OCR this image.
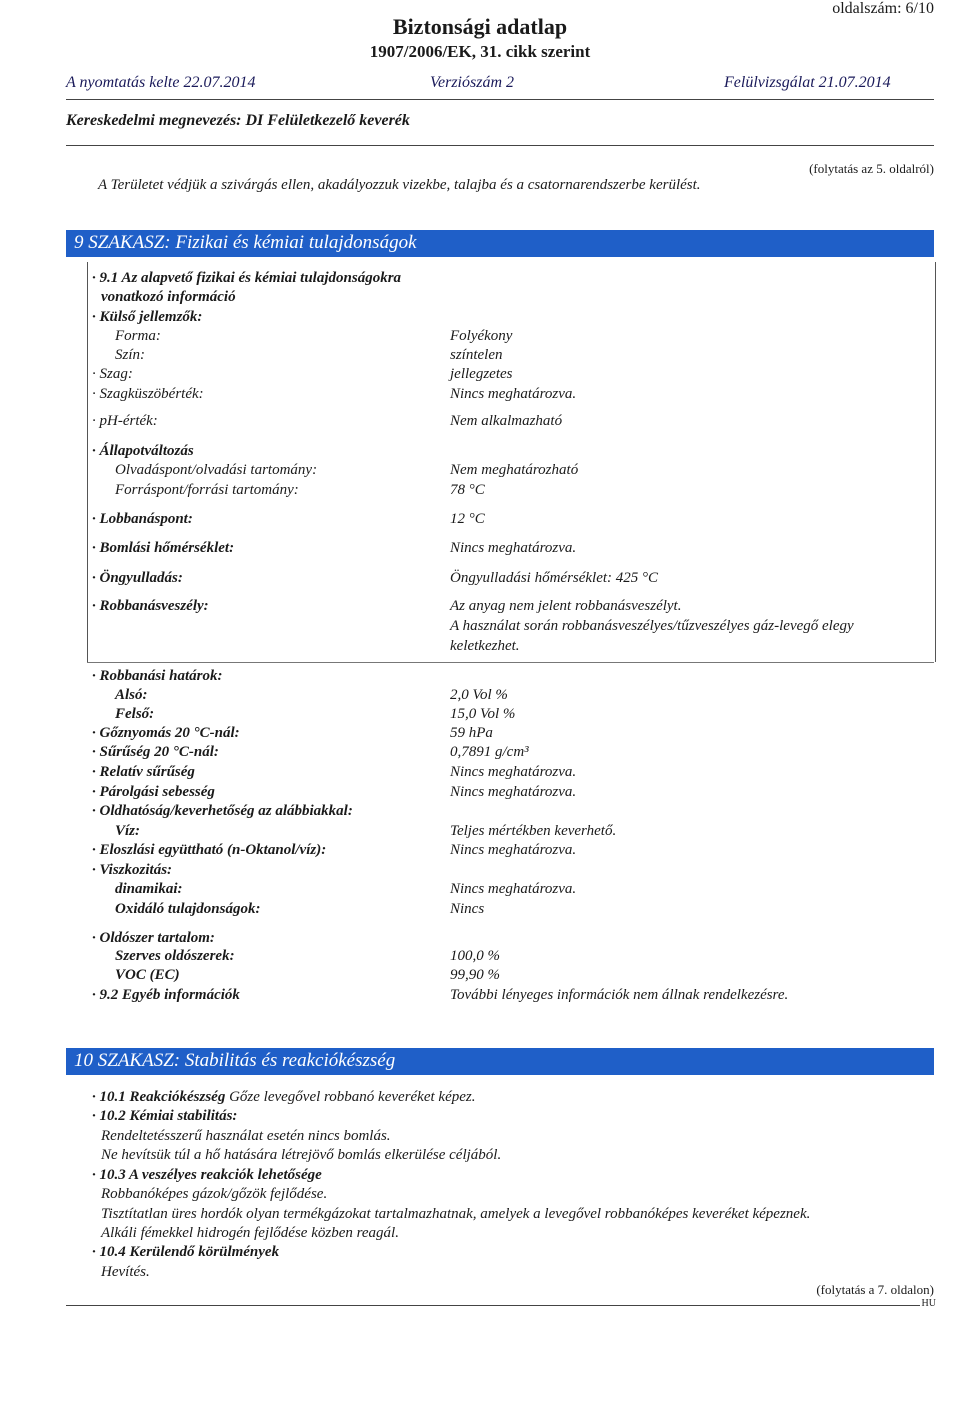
oldalszám: 6/10
Biztonsági adatlap
1907/2006/EK, 31. cikk szerint
A nyomtatás kelte 22.07.2014	Verziószám 2	Felülvizsgálat 21.07.2014
Kereskedelmi megnevezés: DI Felületkezelő keverék
(folytatás az 5. oldalról)
A Területet védjük a szivárgás ellen, akadályozzuk vizekbe, talajba és a csatornarendszerbe kerülést.
9 SZAKASZ: Fizikai és kémiai tulajdonságok
· 9.1 Az alapvető fizikai és kémiai tulajdonságokra
vonatkozó információ
· Külső jellemzők:
Forma:	Folyékony
Szín:	színtelen
· Szag:	jellegzetes
· Szagküszöbérték:	Nincs meghatározva.
· pH-érték:	Nem alkalmazható
· Állapotváltozás
Olvadáspont/olvadási tartomány:	Nem meghatározható
Forráspont/forrási tartomány:	78 °C
· Lobbanáspont:	12 °C
· Bomlási hőmérséklet:	Nincs meghatározva.
· Öngyulladás:	Öngyulladási hőmérséklet: 425 °C
· Robbanásveszély:	Az anyag nem jelent robbanásveszélyt.
A használat során robbanásveszélyes/tűzveszélyes gáz-levegő elegy
keletkezhet.
· Robbanási határok:
Alsó:	2,0 Vol %
Felső:	15,0 Vol %
· Gőznyomás 20 °C-nál:	59 hPa
· Sűrűség 20 °C-nál:	0,7891 g/cm³
· Relatív sűrűség	Nincs meghatározva.
· Párolgási sebesség	Nincs meghatározva.
· Oldhatóság/keverhetőség az alábbiakkal:
Víz:	Teljes mértékben keverhető.
· Eloszlási együttható (n-Oktanol/víz):	Nincs meghatározva.
· Viszkozitás:
dinamikai:	Nincs meghatározva.
Oxidáló tulajdonságok:	Nincs
· Oldószer tartalom:
Szerves oldószerek:	100,0 %
VOC (EC)	99,90 %
· 9.2 Egyéb információk	További lényeges információk nem állnak rendelkezésre.
10 SZAKASZ: Stabilitás és reakciókészség
· 10.1 Reakciókészség Gőze levegővel robbanó keveréket képez.
· 10.2 Kémiai stabilitás:
Rendeltetésszerű használat esetén nincs bomlás.
Ne hevítsük túl a hő hatására létrejövő bomlás elkerülése céljából.
· 10.3 A veszélyes reakciók lehetősége
Robbanóképes gázok/gőzök fejlődése.
Tisztítatlan üres hordók olyan termékgázokat tartalmazhatnak, amelyek a levegővel robbanóképes keveréket képeznek.
Alkáli fémekkel hidrogén fejlődése közben reagál.
· 10.4 Kerülendő körülmények
Hevítés.
(folytatás a 7. oldalon)
HU
